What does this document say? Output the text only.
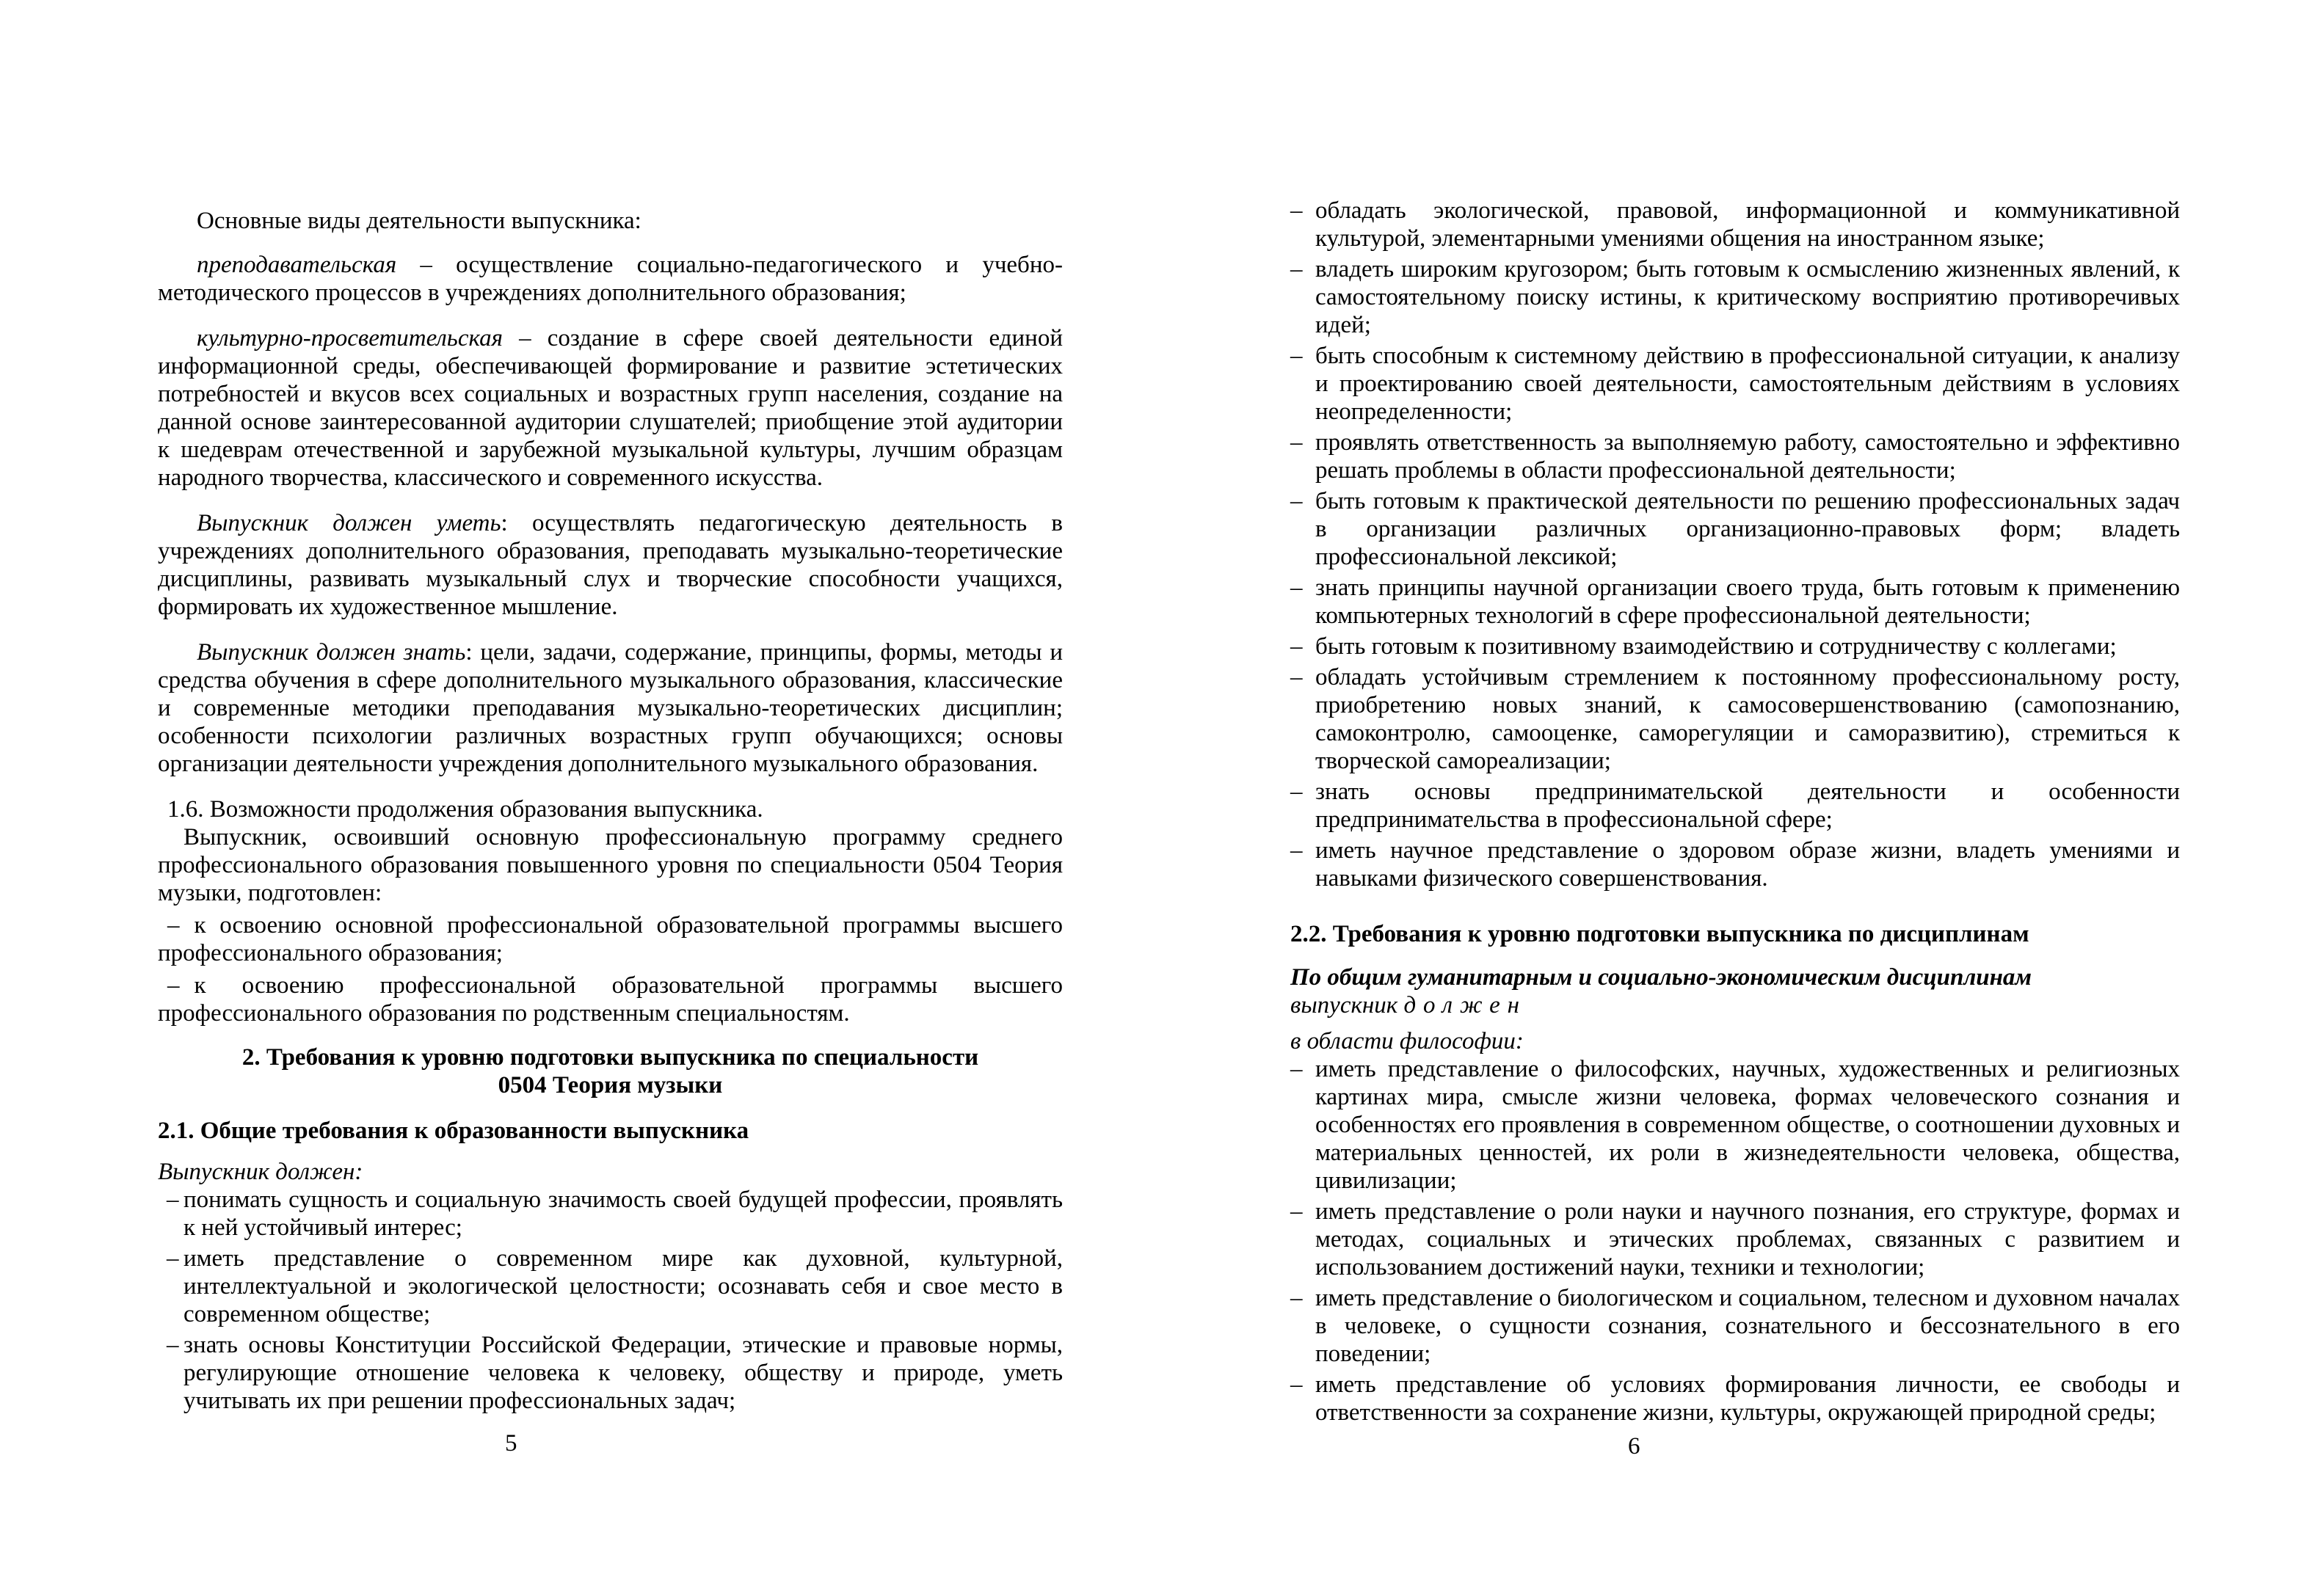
Основные виды деятельности выпускника:

преподавательская – осуществление социально-педагогического и учебно-методического процессов в учреждениях дополнительного образования;

культурно-просветительская – создание в сфере своей деятельности единой информационной среды, обеспечивающей формирование и развитие эстетических потребностей и вкусов всех социальных и возрастных групп населения, создание на данной основе заинтересованной аудитории слушателей; приобщение этой аудитории к шедеврам отечественной и зарубежной музыкальной культуры, лучшим образцам народного творчества, классического и современного искусства.

Выпускник должен уметь: осуществлять педагогическую деятельность в учреждениях дополнительного образования, преподавать музыкально-теоретические дисциплины, развивать музыкальный слух и творческие способности учащихся, формировать их художественное мышление.

Выпускник должен знать: цели, задачи, содержание, принципы, формы, методы и средства обучения в сфере дополнительного музыкального образования, классические и современные методики преподавания музыкально-теоретических дисциплин; особенности психологии различных возрастных групп обучающихся; основы организации деятельности учреждения дополнительного музыкального образования.

1.6. Возможности продолжения образования выпускника.

Выпускник, освоивший основную профессиональную программу среднего профессионального образования повышенного уровня по специальности 0504 Теория музыки, подготовлен:

– к освоению основной профессиональной образовательной программы высшего профессионального образования;

– к освоению профессиональной образовательной программы высшего профессионального образования по родственным специальностям.

2. Требования к уровню подготовки выпускника по специальности

0504 Теория музыки

2.1. Общие требования к образованности выпускника

Выпускник должен:

– понимать сущность и социальную значимость своей будущей профессии, проявлять к ней устойчивый интерес;
– иметь представление о современном мире как духовной, культурной, интеллектуальной и экологической целостности; осознавать себя и свое место в современном обществе;
– знать основы Конституции Российской Федерации, этические и правовые нормы, регулирующие отношение человека к человеку, обществу и природе, уметь учитывать их при решении профессиональных задач;
– обладать экологической, правовой, информационной и коммуникативной культурой, элементарными умениями общения на иностранном языке;
– владеть широким кругозором; быть готовым к осмыслению жизненных явлений, к самостоятельному поиску истины, к критическому восприятию противоречивых идей;
– быть способным к системному действию в профессиональной ситуации, к анализу и проектированию своей деятельности, самостоятельным действиям в условиях неопределенности;
– проявлять ответственность за выполняемую работу, самостоятельно и эффективно решать проблемы в области профессиональной деятельности;
– быть готовым к практической деятельности по решению профессиональных задач в организации различных организационно-правовых форм; владеть профессиональной лексикой;
– знать принципы научной организации своего труда, быть готовым к применению компьютерных технологий в сфере профессиональной деятельности;
– быть готовым к позитивному взаимодействию и сотрудничеству с коллегами;
– обладать устойчивым стремлением к постоянному профессиональному росту, приобретению новых знаний, к самосовершенствованию (самопознанию, самоконтролю, самооценке, саморегуляции и саморазвитию), стремиться к творческой самореализации;
– знать основы предпринимательской деятельности и особенности предпринимательства в профессиональной сфере;
– иметь научное представление о здоровом образе жизни, владеть умениями и навыками физического совершенствования.

2.2. Требования к уровню подготовки выпускника по дисциплинам

По общим гуманитарным и социально-экономическим дисциплинам

выпускник должен

в области философии:

– иметь представление о философских, научных, художественных и религиозных картинах мира, смысле жизни человека, формах человеческого сознания и особенностях его проявления в современном обществе, о соотношении духовных и материальных ценностей, их роли в жизнедеятельности человека, общества, цивилизации;
– иметь представление о роли науки и научного познания, его структуре, формах и методах, социальных и этических проблемах, связанных с развитием и использованием достижений науки, техники и технологии;
– иметь представление о биологическом и социальном, телесном и духовном началах в человеке, о сущности сознания, сознательного и бессознательного в его поведении;
– иметь представление об условиях формирования личности, ее свободы и ответственности за сохранение жизни, культуры, окружающей природной среды;
5	6
